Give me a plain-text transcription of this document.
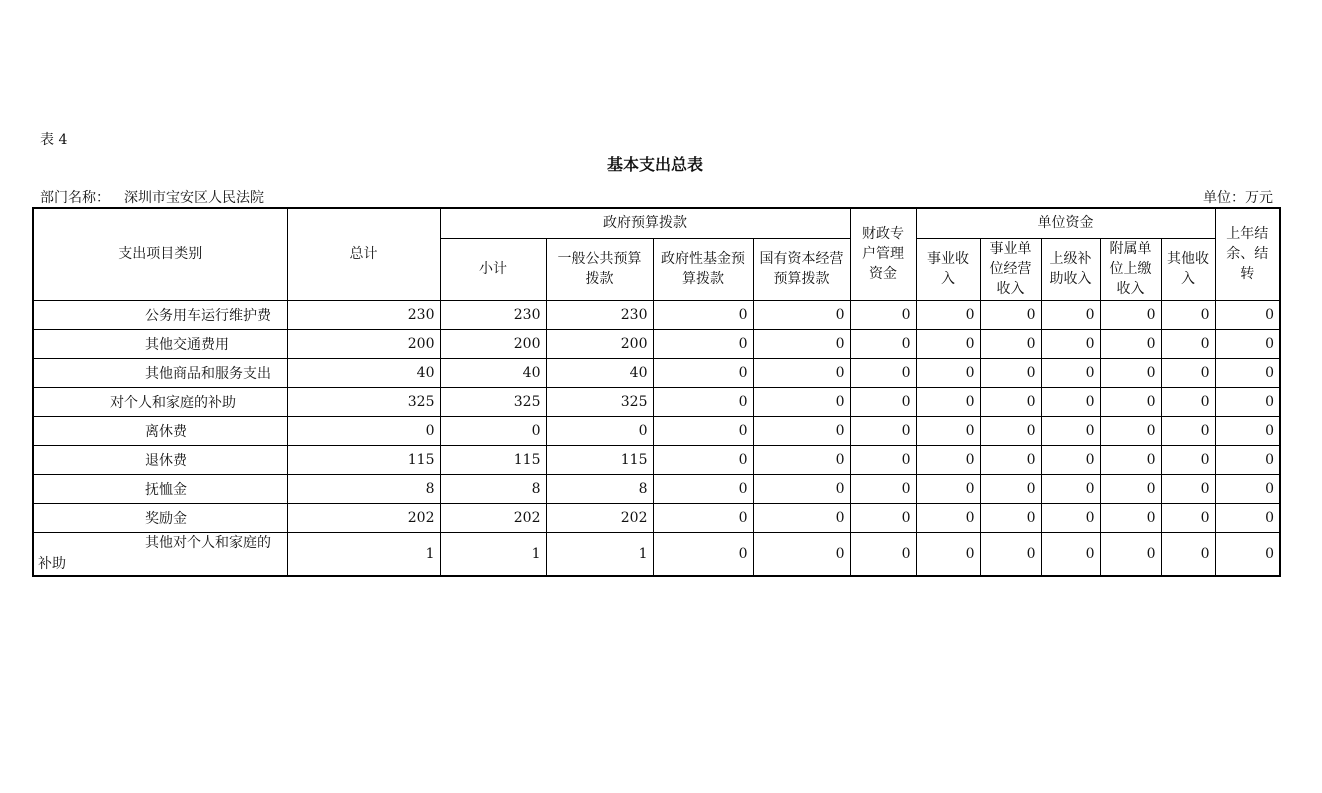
表 4
基本支出总表
部门名称： 深圳市宝安区人民法院	单位：万元
支出项目类别	总计	政府预算拨款				财政专户管理资金	单位资金					上年结余、结转
		小计	一般公共预算拨款	政府性基金预算拨款	国有资本经营预算拨款		事业收入	事业单位经营收入	上级补助收入	附属单位上缴收入	其他收入	
公务用车运行维护费	230	230	230	0	0	0	0	0	0	0	0	0
其他交通费用	200	200	200	0	0	0	0	0	0	0	0	0
其他商品和服务支出	40	40	40	0	0	0	0	0	0	0	0	0
对个人和家庭的补助	325	325	325	0	0	0	0	0	0	0	0	0
离休费	0	0	0	0	0	0	0	0	0	0	0	0
退休费	115	115	115	0	0	0	0	0	0	0	0	0
抚恤金	8	8	8	0	0	0	0	0	0	0	0	0
奖励金	202	202	202	0	0	0	0	0	0	0	0	0

其他对个人和家庭的
补助	1	1	1	0	0	0	0	0	0	0	0	0
